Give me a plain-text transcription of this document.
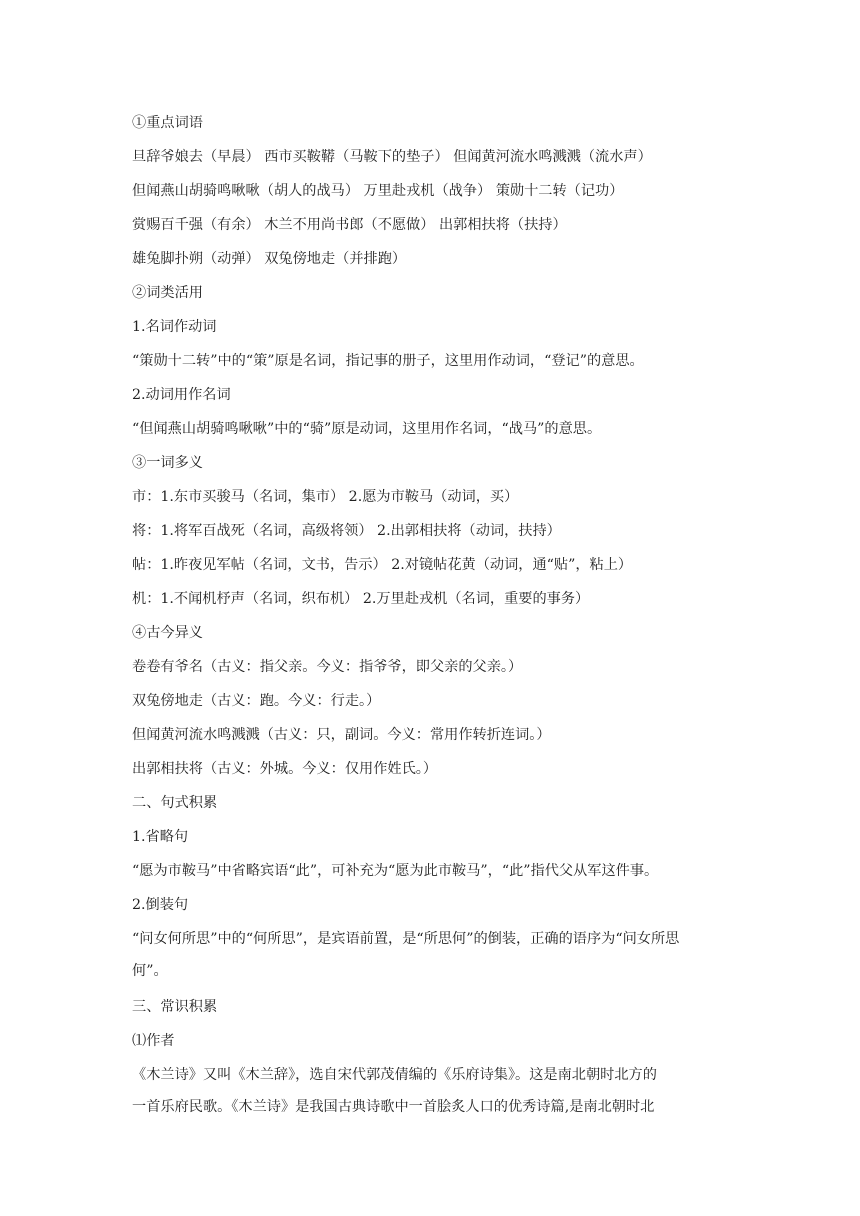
①重点词语
旦辞爷娘去（早晨） 西市买鞍鞯（马鞍下的垫子） 但闻黄河流水鸣溅溅（流水声）
但闻燕山胡骑鸣啾啾（胡人的战马） 万里赴戎机（战争） 策勋十二转（记功）
赏赐百千强（有余） 木兰不用尚书郎（不愿做） 出郭相扶将（扶持）
雄兔脚扑朔（动弹） 双兔傍地走（并排跑）
②词类活用
1.名词作动词
“策勋十二转”中的“策”原是名词，指记事的册子，这里用作动词，“登记”的意思。
2.动词用作名词
“但闻燕山胡骑鸣啾啾”中的“骑”原是动词，这里用作名词，“战马”的意思。
③一词多义
市：1.东市买骏马（名词，集市） 2.愿为市鞍马（动词，买）
将：1.将军百战死（名词，高级将领） 2.出郭相扶将（动词，扶持）
帖：1.昨夜见军帖（名词，文书，告示） 2.对镜帖花黄（动词，通“贴”，粘上）
机：1.不闻机杼声（名词，织布机） 2.万里赴戎机（名词，重要的事务）
④古今异义
卷卷有爷名（古义：指父亲。今义：指爷爷，即父亲的父亲。）
双兔傍地走（古义：跑。今义：行走。）
但闻黄河流水鸣溅溅（古义：只，副词。今义：常用作转折连词。）
出郭相扶将（古义：外城。今义：仅用作姓氏。）
二、句式积累
1.省略句
“愿为市鞍马”中省略宾语“此”，可补充为“愿为此市鞍马”，“此”指代父从军这件事。
2.倒装句
“问女何所思”中的“何所思”，是宾语前置，是“所思何”的倒装，正确的语序为“问女所思
何”。
三、常识积累
⑴作者
《木兰诗》又叫《木兰辞》，选自宋代郭茂倩编的《乐府诗集》。这是南北朝时北方的
一首乐府民歌。《木兰诗》是我国古典诗歌中一首脍炙人口的优秀诗篇,是南北朝时北
